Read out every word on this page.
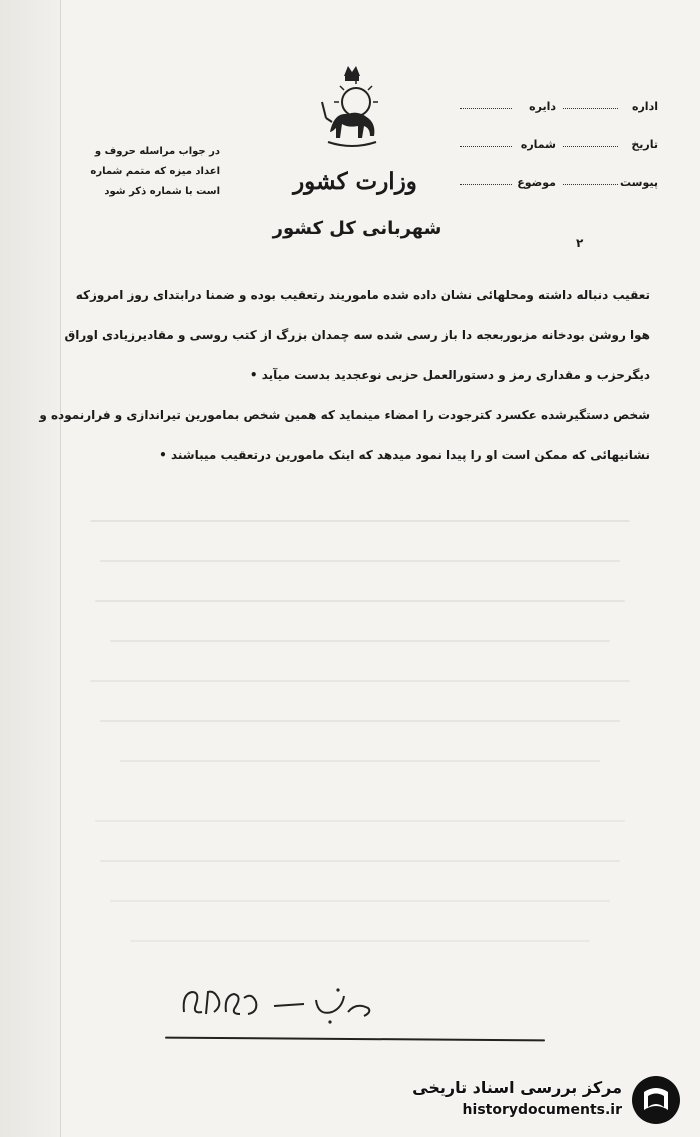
وزارت کشور
شهربانی کل کشور
در جواب مراسله حروف و
اعداد میزه که متمم شماره
است با شماره ذکر شود
اداره
دایره
تاریخ
شماره
پیوست
موضوع
۲
تعقیب دنباله داشته ومحلهائی نشان داده شده ماموریند رتعقیب بوده و ضمنا درابتدای روز امروزکه
هوا روشن بودخانه مزبوربعجه دا باز رسی شده سه چمدان بزرگ از کتب روسی و مقادیرزیادی اوراق
دیگرحزب و مقداری رمز و دستورالعمل حزبی نوعجدید بدست میآید •
شخص دستگیرشده عکسرد کترجودت را امضاء مینماید که همین شخص بمامورین تیراندازی و فرارنموده و
نشانیهائی که ممکن است او را پیدا نمود میدهد که اینک مامورین درتعقیب میباشند •
مرکز بررسی اسناد تاریخی
historydocuments.ir
